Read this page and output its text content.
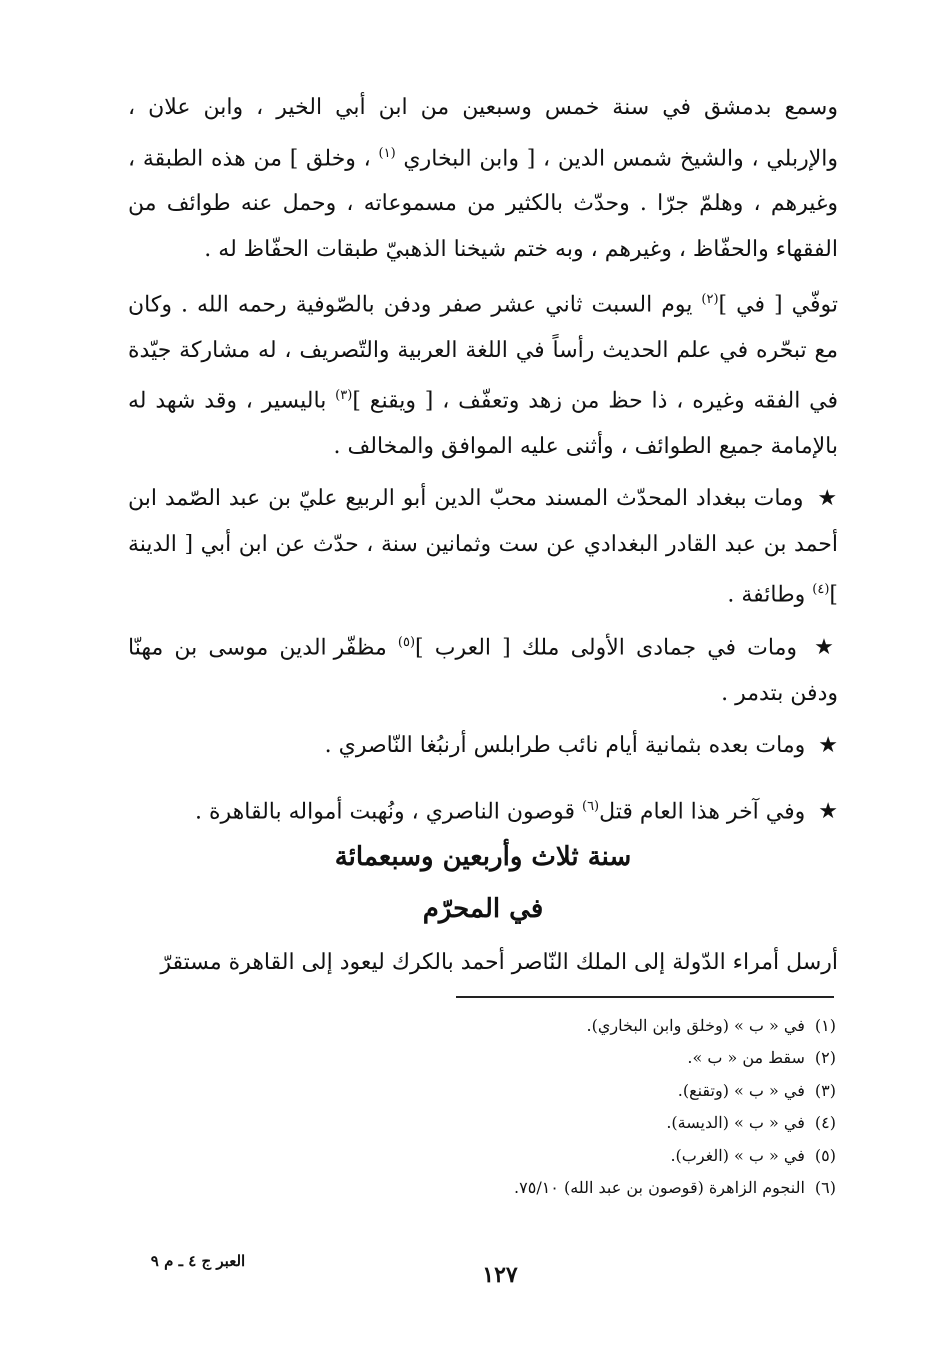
وسمع بدمشق في سنة خمس وسبعين من ابن أبي الخير ، وابن علان ، والإربلي ، والشيخ شمس الدين ، [ وابن البخاري $^{(١)}$ ، وخلق ] من هذه الطبقة ، وغيرهم ، وهلمّ جرّا . وحدّث بالكثير من مسموعاته ، وحمل عنه طوائف من الفقهاء والحفّاظ ، وغيرهم ، وبه ختم شيخنا الذهبيّ طبقات الحفّاظ له .

توفّي [ في ]$^{(٢)}$ يوم السبت ثاني عشر صفر ودفن بالصّوفية رحمه الله . وكان مع تبحّره في علم الحديث رأساً في اللغة العربية والتّصريف ، له مشاركة جيّدة في الفقه وغيره ، ذا حظ من زهد وتعفّف ، [ ويقنع ]$^{(٣)}$ باليسير ، وقد شهد له بالإمامة جميع الطوائف ، وأثنى عليه الموافق والمخالف .

★ ومات ببغداد المحدّث المسند محبّ الدين أبو الربيع عليّ بن عبد الصّمد ابن أحمد بن عبد القادر البغدادي عن ست وثمانين سنة ، حدّث عن ابن أبي [ الدينة ]$^{(٤)}$ وطائفة .

★ ومات في جمادى الأولى ملك [ العرب ]$^{(٥)}$ مظفّر الدين موسى بن مهنّا ودفن بتدمر .

★ ومات بعده بثمانية أيام نائب طرابلس أرنبُغا النّاصري .

★ وفي آخر هذا العام قتل$^{(٦)}$ قوصون الناصري ، ونُهبت أمواله بالقاهرة .

سنة ثلاث وأربعين وسبعمائة
في المحرّم

أرسل أمراء الدّولة إلى الملك النّاصر أحمد بالكرك ليعود إلى القاهرة مستقرّ

(١)في « ب » (وخلق وابن البخاري).
(٢)سقط من « ب ».
(٣)في « ب » (وتقنع).
(٤)في « ب » (الديسة).
(٥)في « ب » (الغرب).
(٦)النجوم الزاهرة (قوصون بن عبد الله) ٧٥/١٠.
١٢٧
العبر ج ٤ ـ م ٩
